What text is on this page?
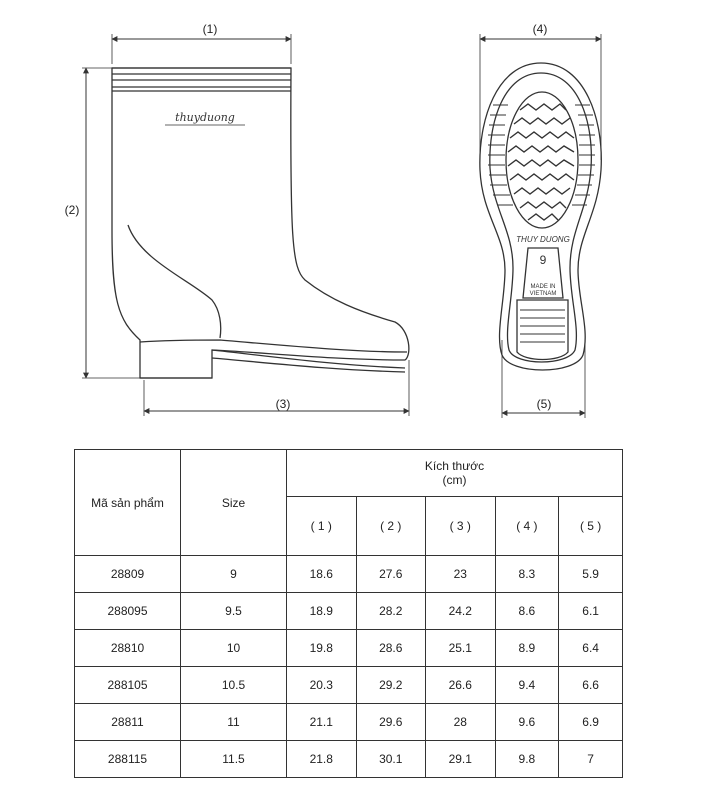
thuyduong
(1)
(2)
(3)
THUY DUONG
9
MADE IN
VIETNAM
(4)
(5)
Mã sản phẩm	Size	Kích thước
(cm)				
		( 1 )	( 2 )	( 3 )	( 4 )	( 5 )
28809	9	18.6	27.6	23	8.3	5.9
288095	9.5	18.9	28.2	24.2	8.6	6.1
28810	10	19.8	28.6	25.1	8.9	6.4
288105	10.5	20.3	29.2	26.6	9.4	6.6
28811	11	21.1	29.6	28	9.6	6.9
288115	11.5	21.8	30.1	29.1	9.8	7
